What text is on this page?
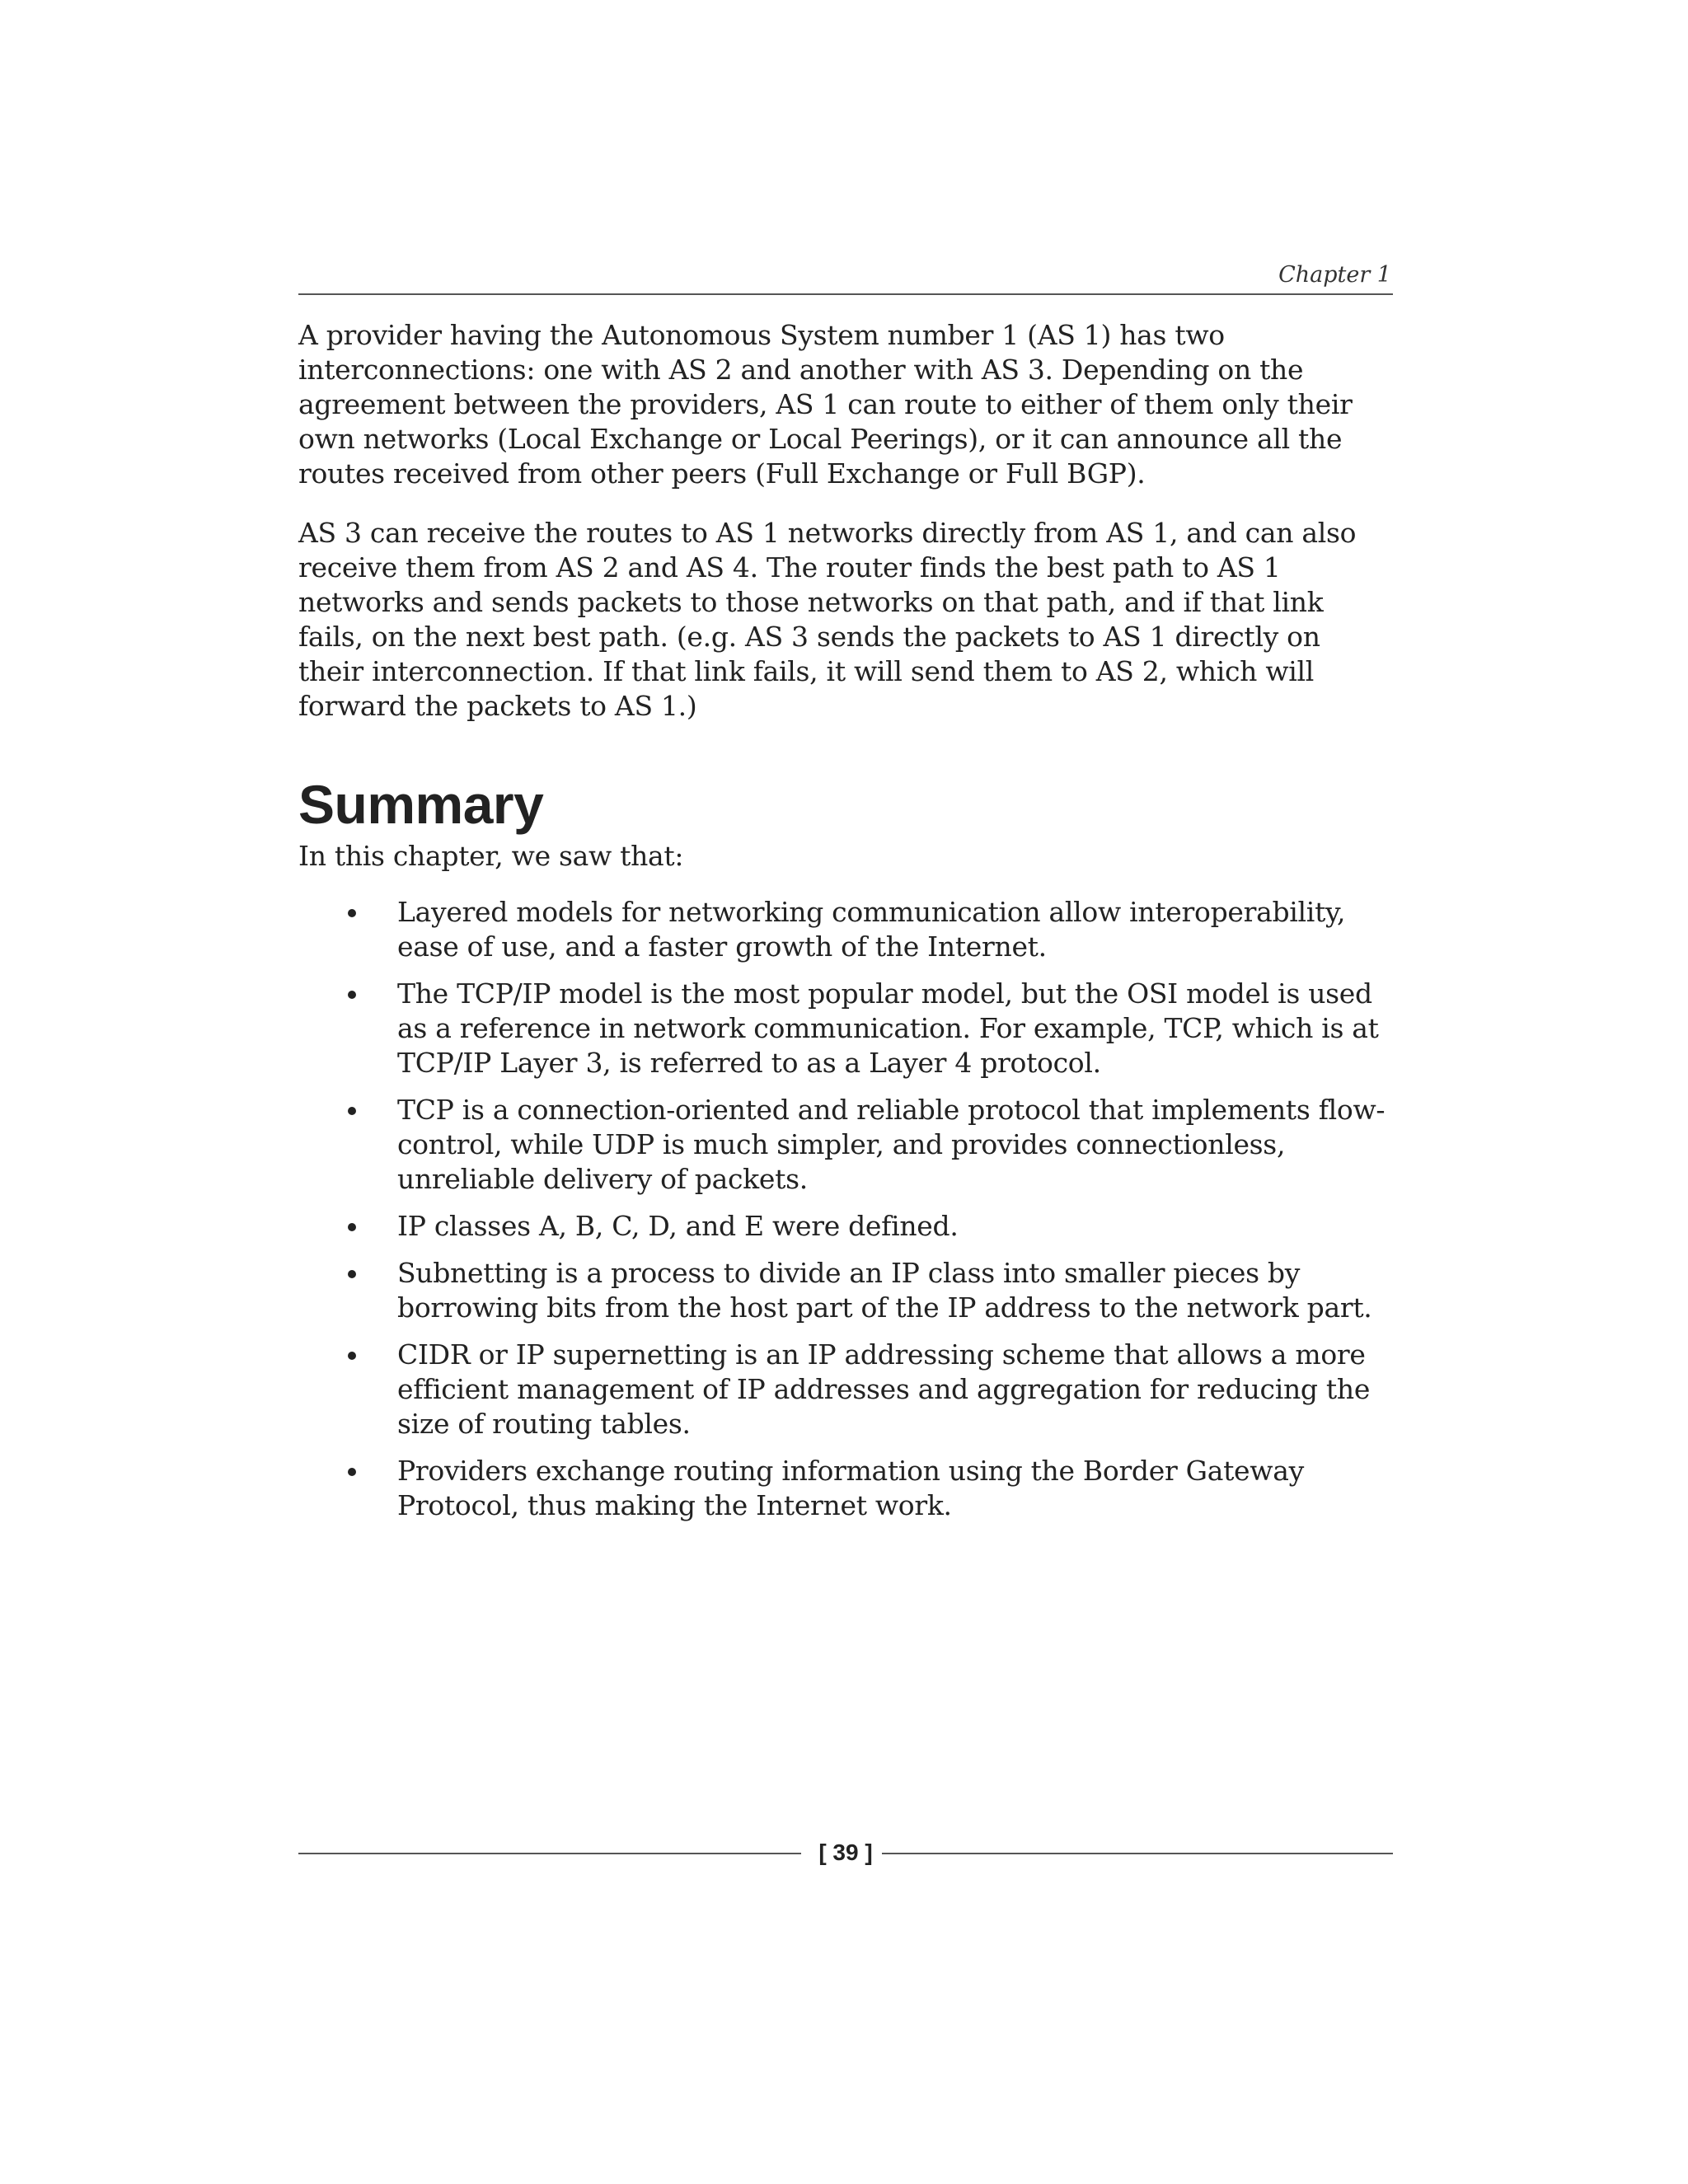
Chapter 1

A provider having the Autonomous System number 1 (AS 1) has two interconnections: one with AS 2 and another with AS 3. Depending on the agreement between the providers, AS 1 can route to either of them only their own networks (Local Exchange or Local Peerings), or it can announce all the routes received from other peers (Full Exchange or Full BGP).

AS 3 can receive the routes to AS 1 networks directly from AS 1, and can also receive them from AS 2 and AS 4. The router finds the best path to AS 1 networks and sends packets to those networks on that path, and if that link fails, on the next best path. (e.g. AS 3 sends the packets to AS 1 directly on their interconnection. If that link fails, it will send them to AS 2, which will forward the packets to AS 1.)

Summary

In this chapter, we saw that:

Layered models for networking communication allow interoperability, ease of use, and a faster growth of the Internet.
The TCP/IP model is the most popular model, but the OSI model is used as a reference in network communication. For example, TCP, which is at TCP/IP Layer 3, is referred to as a Layer 4 protocol.
TCP is a connection-oriented and reliable protocol that implements flow-control, while UDP is much simpler, and provides connectionless, unreliable delivery of packets.
IP classes A, B, C, D, and E were defined.
Subnetting is a process to divide an IP class into smaller pieces by borrowing bits from the host part of the IP address to the network part.
CIDR or IP supernetting is an IP addressing scheme that allows a more efficient management of IP addresses and aggregation for reducing the size of routing tables.
Providers exchange routing information using the Border Gateway Protocol, thus making the Internet work.
[ 39 ]
